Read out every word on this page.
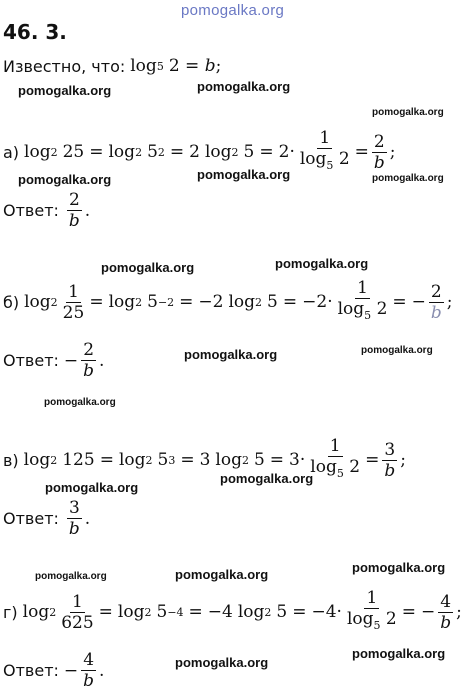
pomogalka.org
pomogalka.org	pomogalka.org
pomogalka.org
pomogalka.org	pomogalka.org	pomogalka.org
pomogalka.org	pomogalka.org
pomogalka.org	pomogalka.org
pomogalka.org
pomogalka.org
pomogalka.org
pomogalka.org	pomogalka.org	pomogalka.org
pomogalka.org
pomogalka.org
46. 3.
Известно, что: log 5 2 = b ;
а) log 2 25 = log 2 5 2 = 2 log 2 $5 = 2 \cdot \frac{1}{\log_5 2} = \frac{2}{b}$ ;
Ответ: $\frac{2}{b}$ .
б) $\log 2 \frac{1}{25} = \log 2$ 5 −2 = −2 log 2 $5 = -2 \cdot \frac{1}{\log_5 2}$ = − $\frac{2}{b}$ ;
Ответ: − $\frac{2}{b}$ .
в) log 2 125 = log 2 5 3 = 3 log 2 $5 = 3 \cdot \frac{1}{\log_5 2} = \frac{3}{b}$ ;
Ответ: $\frac{3}{b}$ .
г) $\log 2 \frac{1}{625} = \log 2$ 5 −4 = −4 log 2 $5 = -4 \cdot \frac{1}{\log_5 2}$ = − $\frac{4}{b}$ ;
Ответ: − $\frac{4}{b}$ .
